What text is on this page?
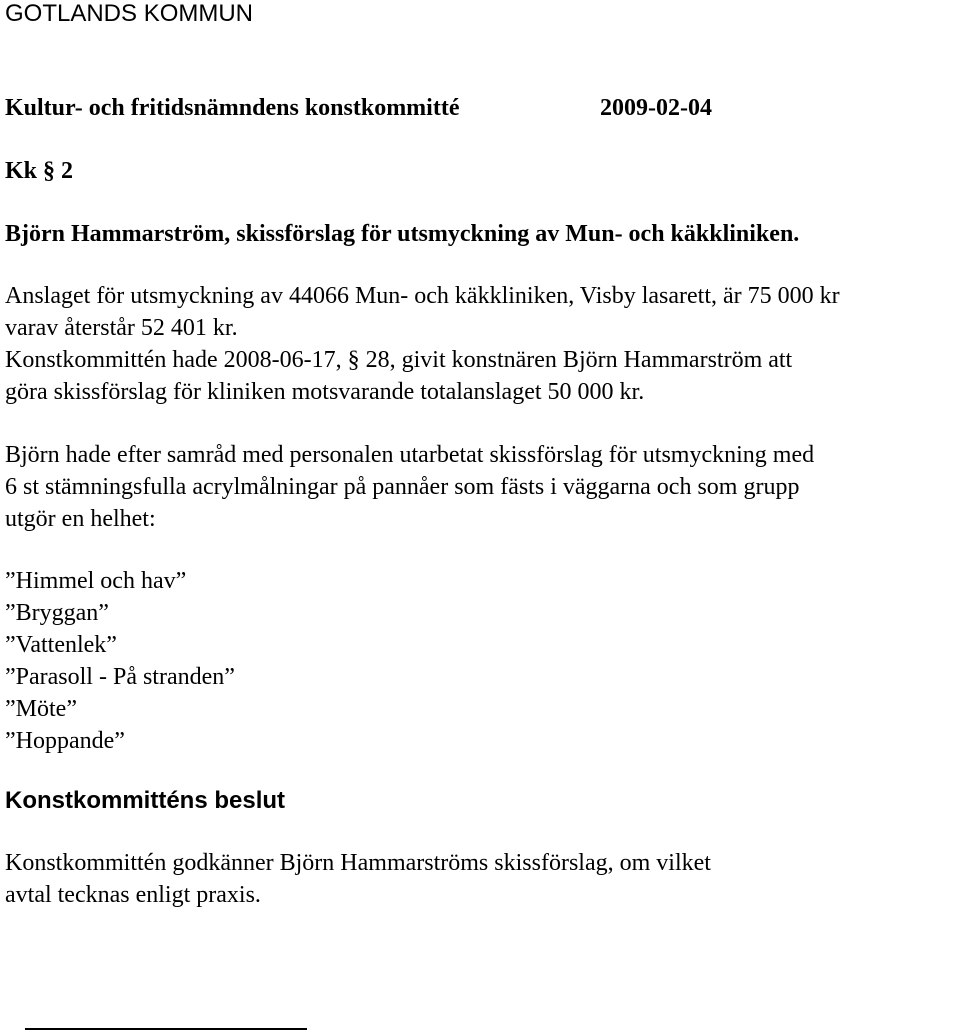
GOTLANDS KOMMUN

Kultur- och fritidsnämndens konstkommitté	2009-02-04

Kk § 2

Björn Hammarström, skissförslag för utsmyckning av Mun- och käkkliniken.

Anslaget för utsmyckning av 44066 Mun- och käkkliniken, Visby lasarett, är 75 000 kr

varav återstår 52 401 kr.

Konstkommittén hade 2008-06-17, § 28, givit konstnären Björn Hammarström att

göra skissförslag för kliniken motsvarande totalanslaget 50 000 kr.

Björn hade efter samråd med personalen utarbetat skissförslag för utsmyckning med

6 st stämningsfulla acrylmålningar på pannåer som fästs i väggarna och som grupp

utgör en helhet:

”Himmel och hav”
”Bryggan”
”Vattenlek”
”Parasoll - På stranden”
”Möte”
”Hoppande”

Konstkommitténs beslut

Konstkommittén godkänner Björn Hammarströms skissförslag, om vilket

avtal tecknas enligt praxis.
